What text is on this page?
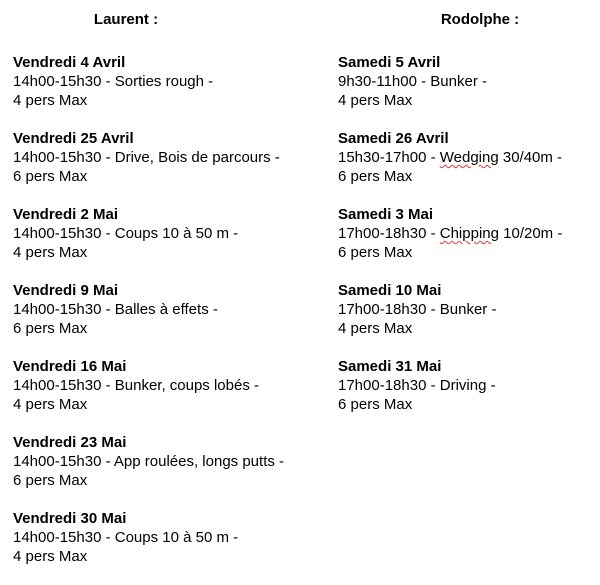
Laurent :
Vendredi 4 Avril
14h00-15h30 - Sorties rough -
4 pers Max
Vendredi 25 Avril
14h00-15h30 - Drive, Bois de parcours -
6 pers Max
Vendredi 2 Mai
14h00-15h30 - Coups 10 à 50 m -
4 pers Max
Vendredi 9 Mai
14h00-15h30 - Balles à effets -
6 pers Max
Vendredi 16 Mai
14h00-15h30 - Bunker, coups lobés -
4 pers Max
Vendredi 23 Mai
14h00-15h30 - App roulées, longs putts -
6 pers Max
Vendredi 30 Mai
14h00-15h30 - Coups 10 à 50 m -
4 pers Max
Rodolphe :
Samedi 5 Avril
9h30-11h00 - Bunker -
4 pers Max
Samedi 26 Avril
15h30-17h00 - Wedging 30/40m -
6 pers Max
Samedi 3 Mai
17h00-18h30 - Chipping 10/20m -
6 pers Max
Samedi 10 Mai
17h00-18h30 - Bunker -
4 pers Max
Samedi 31 Mai
17h00-18h30 - Driving -
6 pers Max
